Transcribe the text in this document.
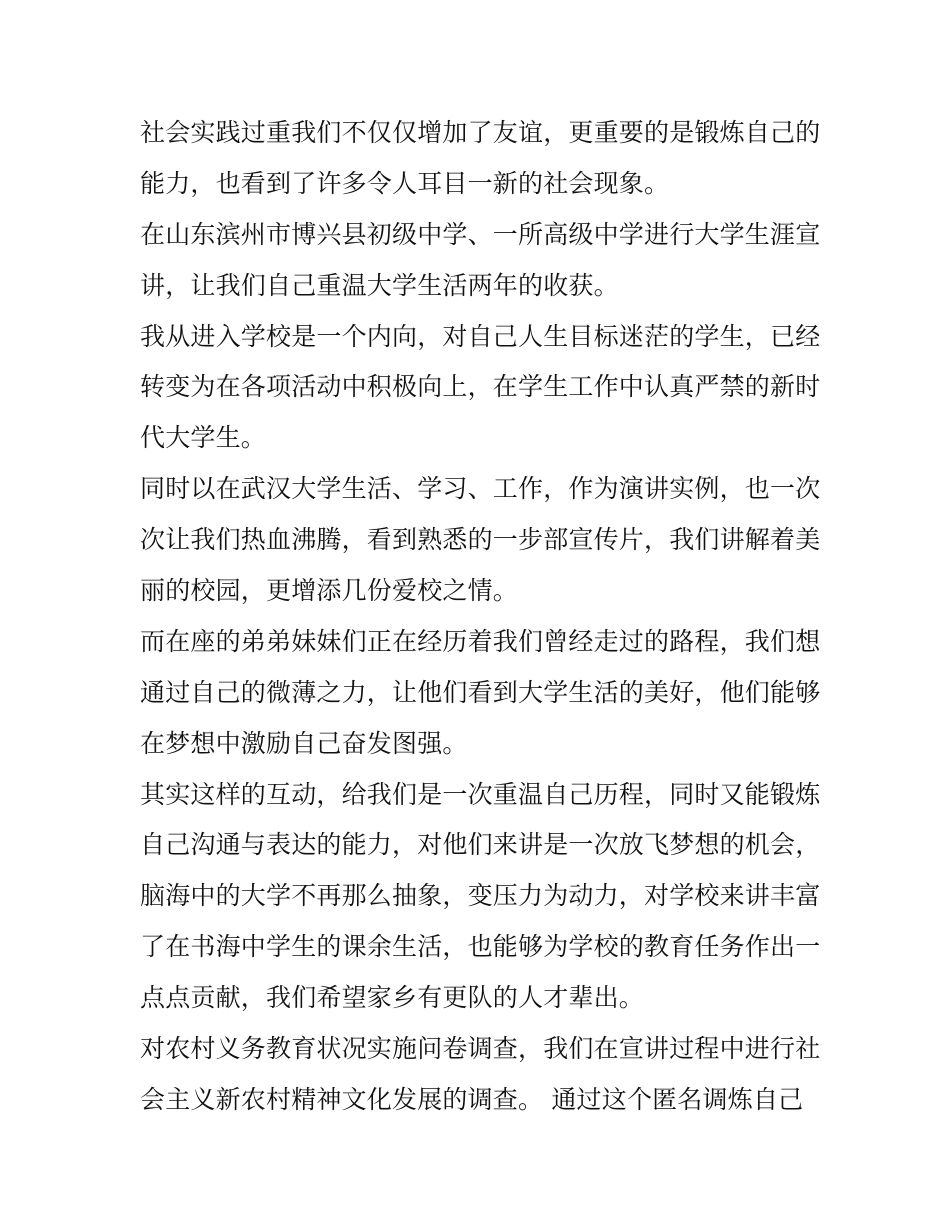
社会实践过重我们不仅仅增加了友谊，更重要的是锻炼自己的
能力，也看到了许多令人耳目一新的社会现象。
在山东滨州市博兴县初级中学、一所高级中学进行大学生涯宣
讲，让我们自己重温大学生活两年的收获。
我从进入学校是一个内向，对自己人生目标迷茫的学生，已经
转变为在各项活动中积极向上，在学生工作中认真严禁的新时
代大学生。
同时以在武汉大学生活、学习、工作，作为演讲实例，也一次
次让我们热血沸腾，看到熟悉的一步部宣传片，我们讲解着美
丽的校园，更增添几份爱校之情。
而在座的弟弟妹妹们正在经历着我们曾经走过的路程，我们想
通过自己的微薄之力，让他们看到大学生活的美好，他们能够
在梦想中激励自己奋发图强。
其实这样的互动，给我们是一次重温自己历程，同时又能锻炼
自己沟通与表达的能力，对他们来讲是一次放飞梦想的机会，
脑海中的大学不再那么抽象，变压力为动力，对学校来讲丰富
了在书海中学生的课余生活，也能够为学校的教育任务作出一
点点贡献，我们希望家乡有更队的人才辈出。
对农村义务教育状况实施问卷调查，我们在宣讲过程中进行社
会主义新农村精神文化发展的调查。 通过这个匿名调炼自己
